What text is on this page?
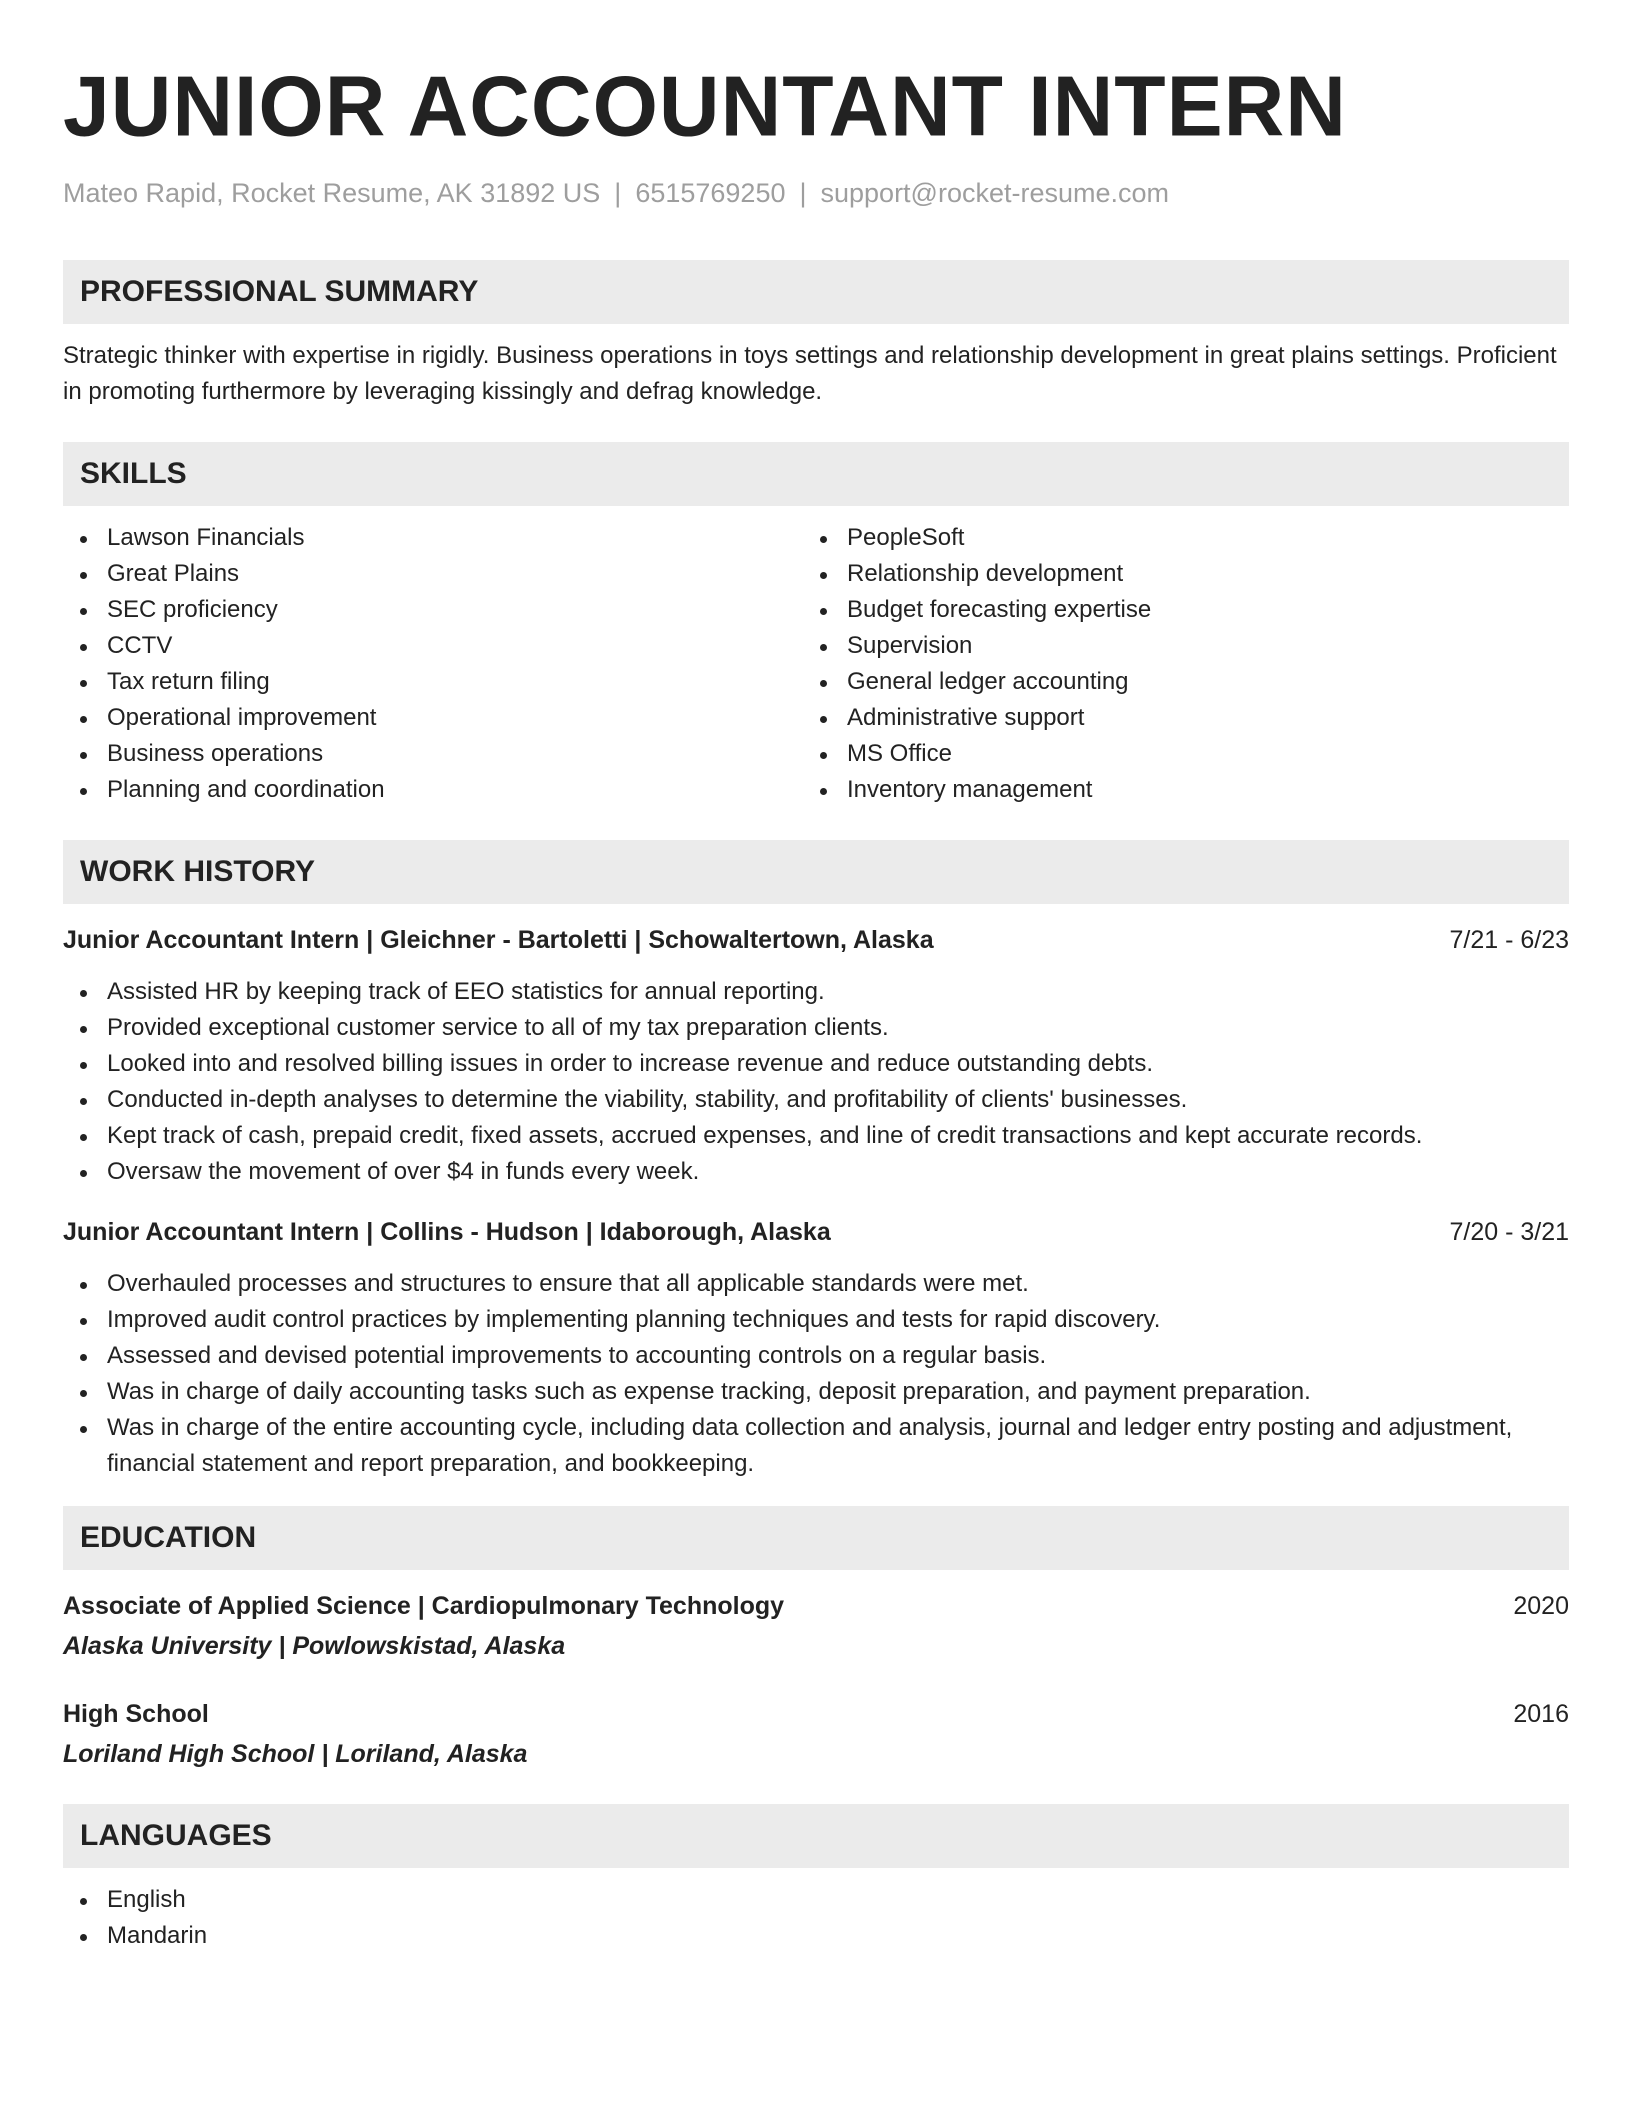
JUNIOR ACCOUNTANT INTERN
Mateo Rapid, Rocket Resume, AK 31892 US | 6515769250 | support@rocket-resume.com
PROFESSIONAL SUMMARY

Strategic thinker with expertise in rigidly. Business operations in toys settings and relationship development in great plains settings. Proficient in promoting furthermore by leveraging kissingly and defrag knowledge.

SKILLS
Lawson Financials
Great Plains
SEC proficiency
CCTV
Tax return filing
Operational improvement
Business operations
Planning and coordination
PeopleSoft
Relationship development
Budget forecasting expertise
Supervision
General ledger accounting
Administrative support
MS Office
Inventory management
WORK HISTORY
Junior Accountant Intern | Gleichner - Bartoletti | Schowaltertown, Alaska	7/21 - 6/23
Assisted HR by keeping track of EEO statistics for annual reporting.
Provided exceptional customer service to all of my tax preparation clients.
Looked into and resolved billing issues in order to increase revenue and reduce outstanding debts.
Conducted in-depth analyses to determine the viability, stability, and profitability of clients' businesses.
Kept track of cash, prepaid credit, fixed assets, accrued expenses, and line of credit transactions and kept accurate records.
Oversaw the movement of over $4 in funds every week.
Junior Accountant Intern | Collins - Hudson | Idaborough, Alaska	7/20 - 3/21
Overhauled processes and structures to ensure that all applicable standards were met.
Improved audit control practices by implementing planning techniques and tests for rapid discovery.
Assessed and devised potential improvements to accounting controls on a regular basis.
Was in charge of daily accounting tasks such as expense tracking, deposit preparation, and payment preparation.
Was in charge of the entire accounting cycle, including data collection and analysis, journal and ledger entry posting and adjustment, financial statement and report preparation, and bookkeeping.
EDUCATION
Associate of Applied Science | Cardiopulmonary Technology	2020
Alaska University | Powlowskistad, Alaska
High School	2016
Loriland High School | Loriland, Alaska
LANGUAGES
English
Mandarin
